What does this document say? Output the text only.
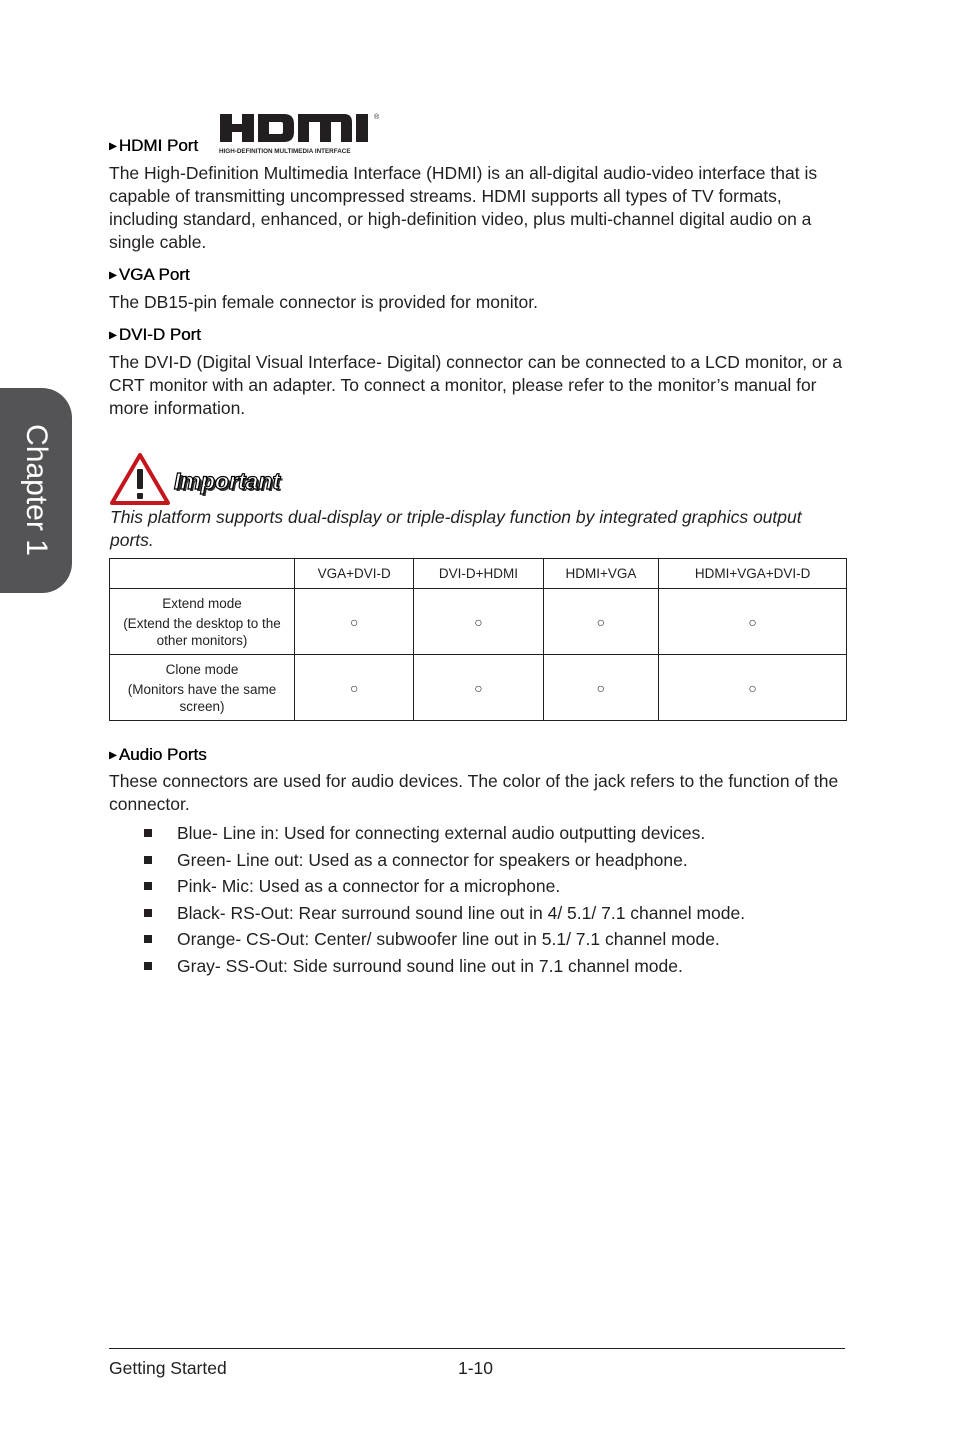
Chapter 1
®
HIGH-DEFINITION MULTIMEDIA INTERFACE
▶ HDMI Port

The High-Definition Multimedia Interface (HDMI) is an all-digital audio-video interface that is capable of transmitting uncompressed streams. HDMI supports all types of TV formats, including standard, enhanced, or high-definition video, plus multi-channel digital audio on a single cable.

▶ VGA Port

The DB15-pin female connector is provided for monitor.

▶ DVI-D Port

The DVI-D (Digital Visual Interface- Digital) connector can be connected to a LCD monitor, or a CRT monitor with an adapter. To connect a monitor, please refer to the monitor’s manual for more information.

Important

This platform supports dual-display or triple-display function by integrated graphics output ports.

	VGA+DVI-D	DVI-D+HDMI	HDMI+VGA	HDMI+VGA+DVI-D

Extend mode
(Extend the desktop to the other monitors)	○	○	○	○

Clone mode
(Monitors have the same screen)	○	○	○	○
▶ Audio Ports

These connectors are used for audio devices. The color of the jack refers to the function of the connector.

Blue- Line in: Used for connecting external audio outputting devices.
Green- Line out: Used as a connector for speakers or headphone.
Pink- Mic: Used as a connector for a microphone.
Black- RS-Out: Rear surround sound line out in 4/ 5.1/ 7.1 channel mode.
Orange- CS-Out: Center/ subwoofer line out in 5.1/ 7.1 channel mode.
Gray- SS-Out: Side surround sound line out in 7.1 channel mode.
Getting Started	1-10
